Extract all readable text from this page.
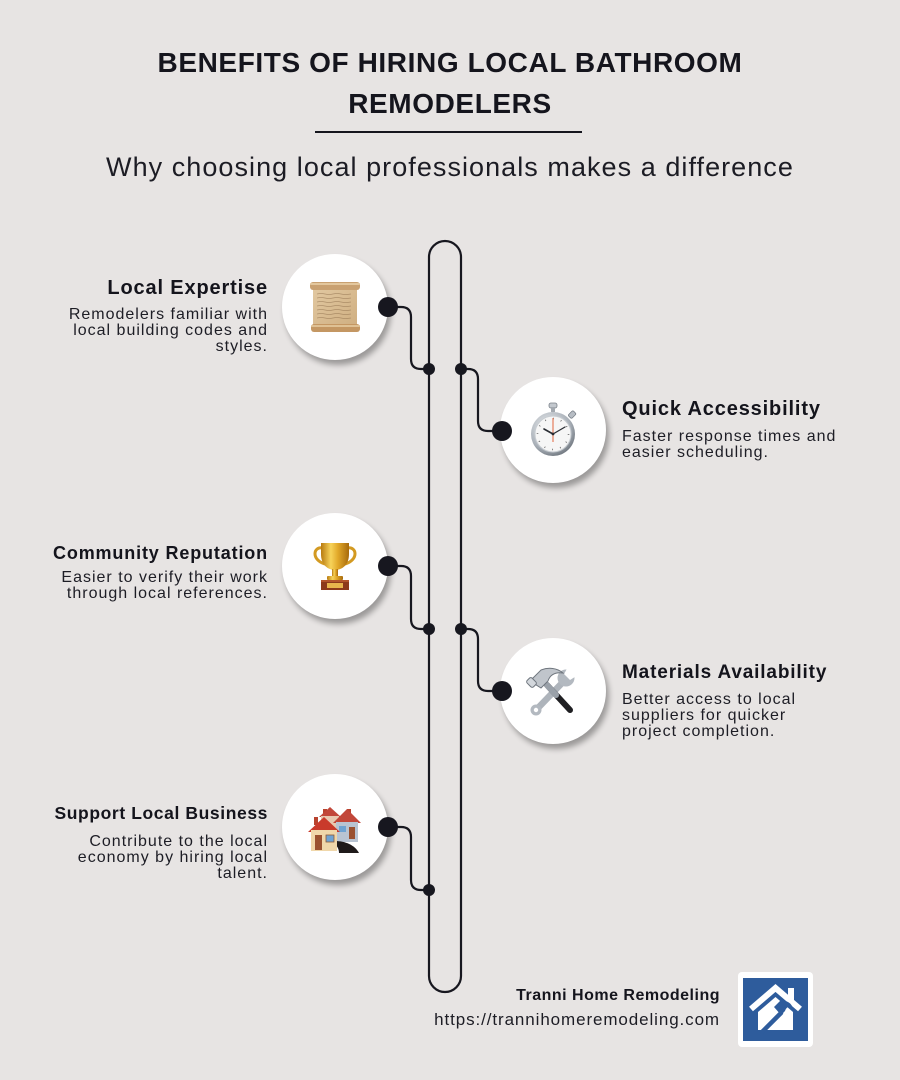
BENEFITS OF HIRING LOCAL BATHROOM
REMODELERS

Why choosing local professionals makes a difference

Local Expertise

Remodelers familiar with
local building codes and
styles.

Quick Accessibility

Faster response times and
easier scheduling.

Community Reputation

Easier to verify their work
through local references.

Materials Availability

Better access to local
suppliers for quicker
project completion.

Support Local Business

Contribute to the local
economy by hiring local
talent.

Tranni Home Remodeling

https://trannihomeremodeling.com
